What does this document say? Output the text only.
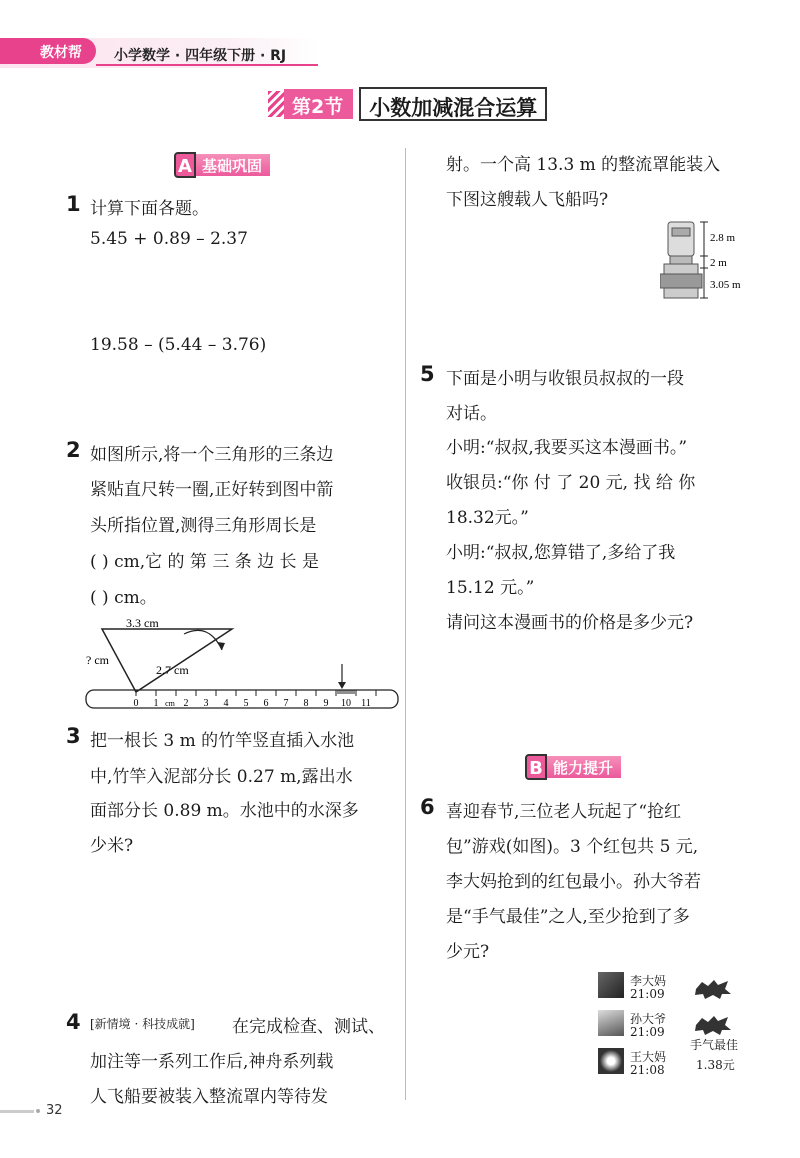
教材帮 小学数学 · 四年级下册 · RJ
第2节	小数加减混合运算
A 基础巩固
1 计算下面各题。
5.45 + 0.89 – 2.37
19.58 – (5.44 – 3.76)
2 如图所示,将一个三角形的三条边
紧贴直尺转一圈,正好转到图中箭
头所指位置,测得三角形周长是
( ) cm,它 的 第 三 条 边 长 是
( ) cm。
3.3 cm
? cm
2.7 cm
0 1 cm 2 3 4 5 6 7 8 9 10 11
3 把一根长 3 m 的竹竿竖直插入水池
中,竹竿入泥部分长 0.27 m,露出水
面部分长 0.89 m。水池中的水深多
少米?
4 [新情境 · 科技成就] 在完成检查、测试、
加注等一系列工作后,神舟系列载
人飞船要被装入整流罩内等待发
射。一个高 13.3 m 的整流罩能装入
下图这艘载人飞船吗?
2.8 m
2 m
3.05 m
5 下面是小明与收银员叔叔的一段
对话。
小明:“叔叔,我要买这本漫画书。”
收银员:“你 付 了 20 元, 找 给 你
18.32元。”
小明:“叔叔,您算错了,多给了我
15.12 元。”
请问这本漫画书的价格是多少元?
B 能力提升
6 喜迎春节,三位老人玩起了“抢红
包”游戏(如图)。3 个红包共 5 元,
李大妈抢到的红包最小。孙大爷若
是“手气最佳”之人,至少抢到了多
少元?
李大妈
21:09
孙大爷
21:09
手气最佳
王大妈
21:08	1.38元
32
